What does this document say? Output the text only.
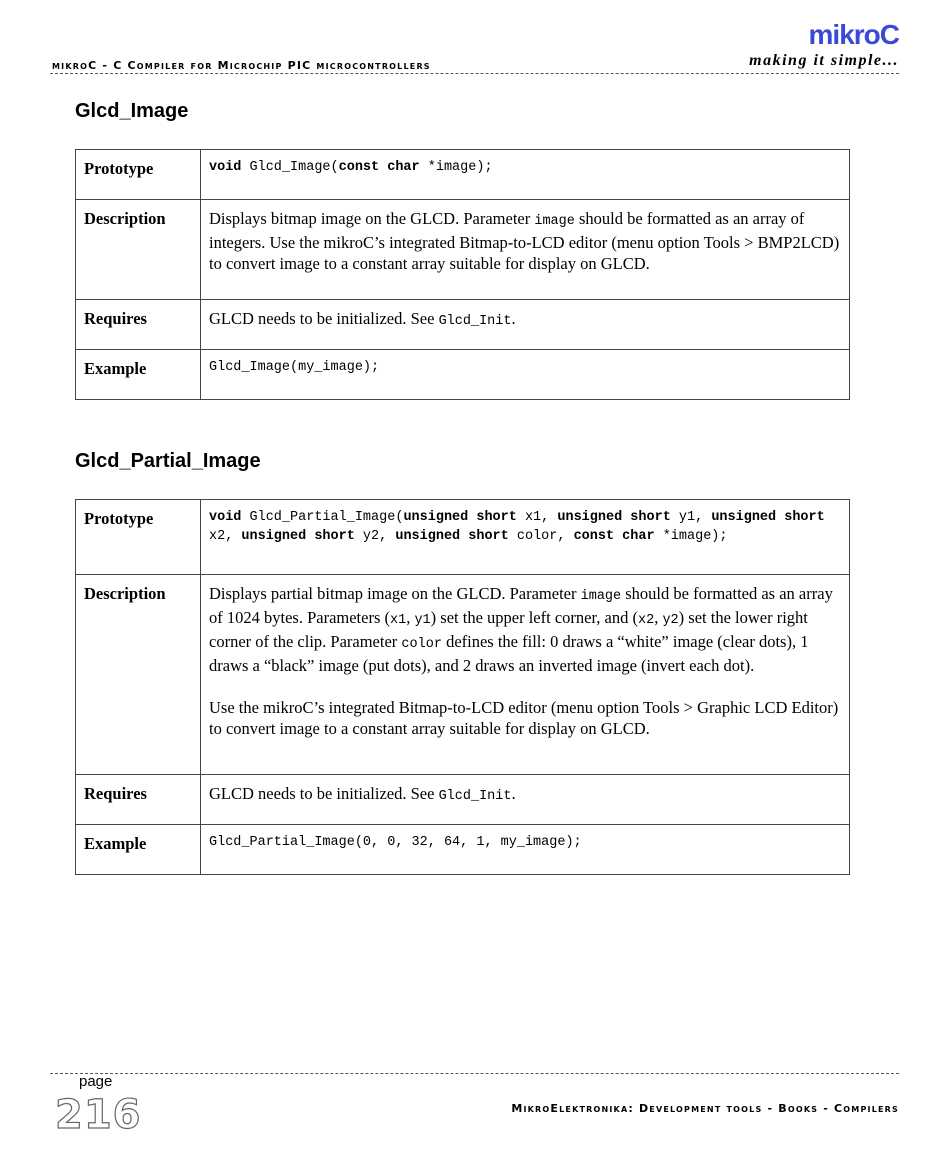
mikroC - C Compiler for Microchip PIC microcontrollers
mikroC
making it simple...
Glcd_Image
Prototype	void Glcd_Image(const char *image);
Description	Displays bitmap image on the GLCD. Parameter image should be formatted as an array of integers. Use the mikroC’s integrated Bitmap-to-LCD editor (menu option Tools > BMP2LCD) to convert image to a constant array suitable for display on GLCD.
Requires	GLCD needs to be initialized. See Glcd_Init.
Example	Glcd_Image(my_image);
Glcd_Partial_Image
Prototype	void Glcd_Partial_Image(unsigned short x1, unsigned short y1, unsigned short x2, unsigned short y2, unsigned short color, const char *image);
Description	Displays partial bitmap image on the GLCD. Parameter image should be formatted as an array of 1024 bytes. Parameters (x1, y1) set the upper left corner, and (x2, y2) set the lower right corner of the clip. Parameter color defines the fill: 0 draws a “white” image (clear dots), 1 draws a “black” image (put dots), and 2 draws an inverted image (invert each dot).

Use the mikroC’s integrated Bitmap-to-LCD editor (menu option Tools > Graphic LCD Editor) to convert image to a constant array suitable for display on GLCD.
Requires	GLCD needs to be initialized. See Glcd_Init.
Example	Glcd_Partial_Image(0, 0, 32, 64, 1, my_image);
page
216	MikroElektronika: Development tools - Books - Compilers
